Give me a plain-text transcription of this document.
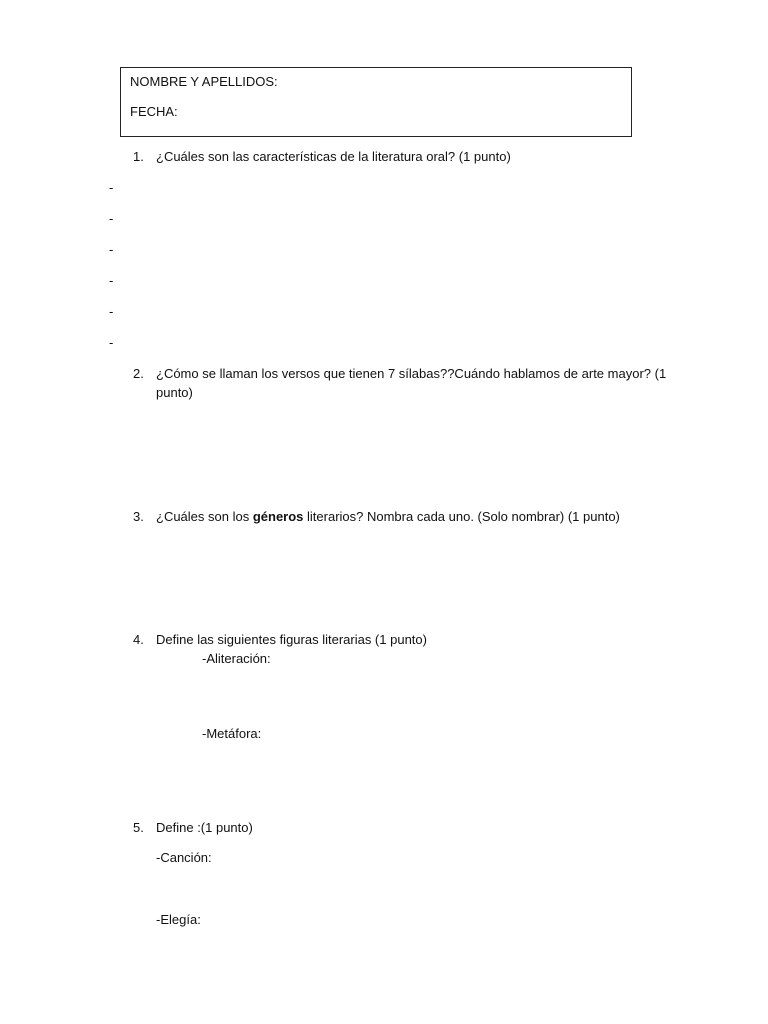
NOMBRE Y APELLIDOS:
FECHA:
1. ¿Cuáles son las características de la literatura oral? (1 punto)
-
-
-
-
-
-
2. ¿Cómo se llaman los versos que tienen 7 sílabas??Cuándo hablamos de arte mayor? (1
punto)
3. ¿Cuáles son los géneros literarios? Nombra cada uno. (Solo nombrar) (1 punto)
4. Define las siguientes figuras literarias (1 punto)
-Aliteración:
-Metáfora:
5. Define :(1 punto)
-Canción:
-Elegía:
